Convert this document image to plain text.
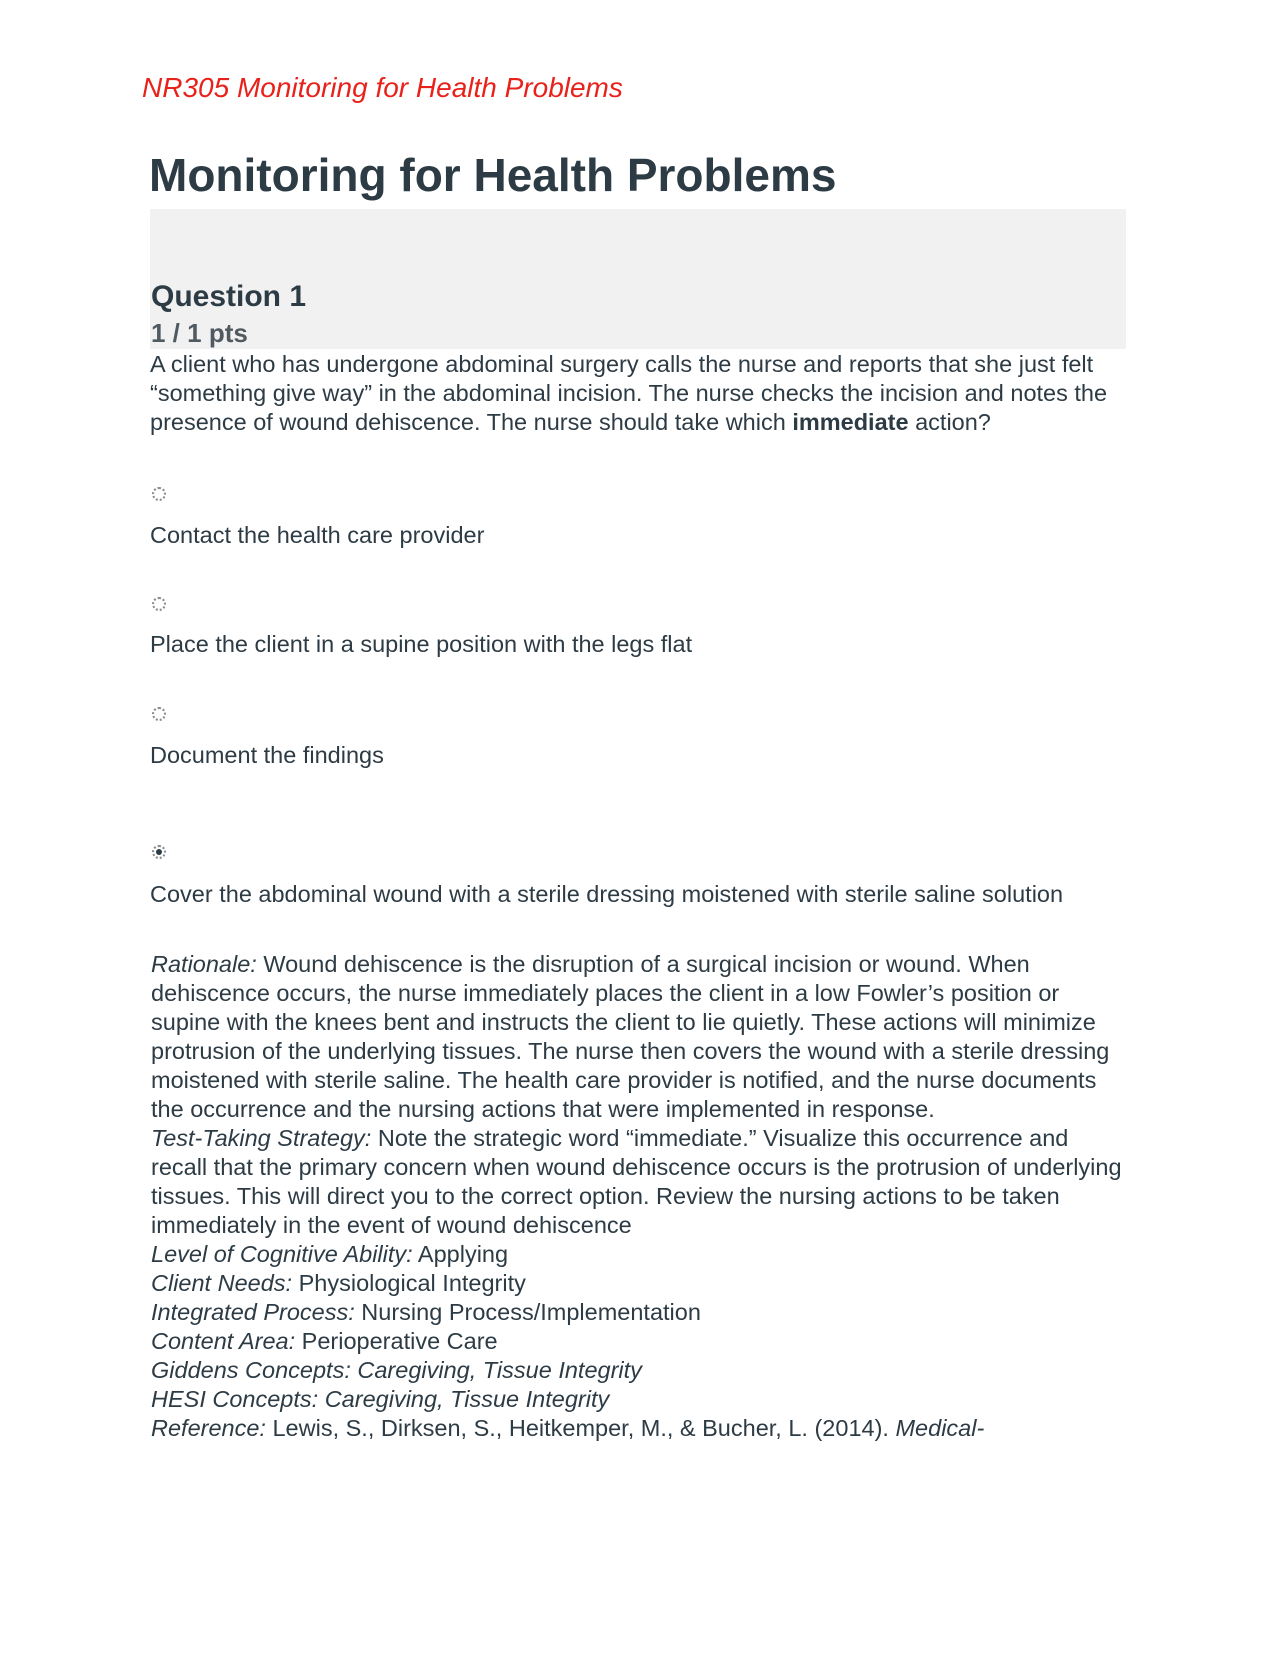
NR305 Monitoring for Health Problems
Monitoring for Health Problems
Question 1
1 / 1 pts
A client who has undergone abdominal surgery calls the nurse and reports that she just felt “something give way” in the abdominal incision. The nurse checks the incision and notes the presence of wound dehiscence. The nurse should take which immediate action?
Contact the health care provider
Place the client in a supine position with the legs flat
Document the findings
Cover the abdominal wound with a sterile dressing moistened with sterile saline solution

Rationale: Wound dehiscence is the disruption of a surgical incision or wound. When dehiscence occurs, the nurse immediately places the client in a low Fowler’s position or supine with the knees bent and instructs the client to lie quietly. These actions will minimize protrusion of the underlying tissues. The nurse then covers the wound with a sterile dressing moistened with sterile saline. The health care provider is notified, and the nurse documents the occurrence and the nursing actions that were implemented in response.

Test-Taking Strategy: Note the strategic word “immediate.” Visualize this occurrence and recall that the primary concern when wound dehiscence occurs is the protrusion of underlying tissues. This will direct you to the correct option. Review the nursing actions to be taken immediately in the event of wound dehiscence

Level of Cognitive Ability: Applying

Client Needs: Physiological Integrity

Integrated Process: Nursing Process/Implementation

Content Area: Perioperative Care

Giddens Concepts: Caregiving, Tissue Integrity

HESI Concepts: Caregiving, Tissue Integrity

Reference: Lewis, S., Dirksen, S., Heitkemper, M., & Bucher, L. (2014). Medical-
